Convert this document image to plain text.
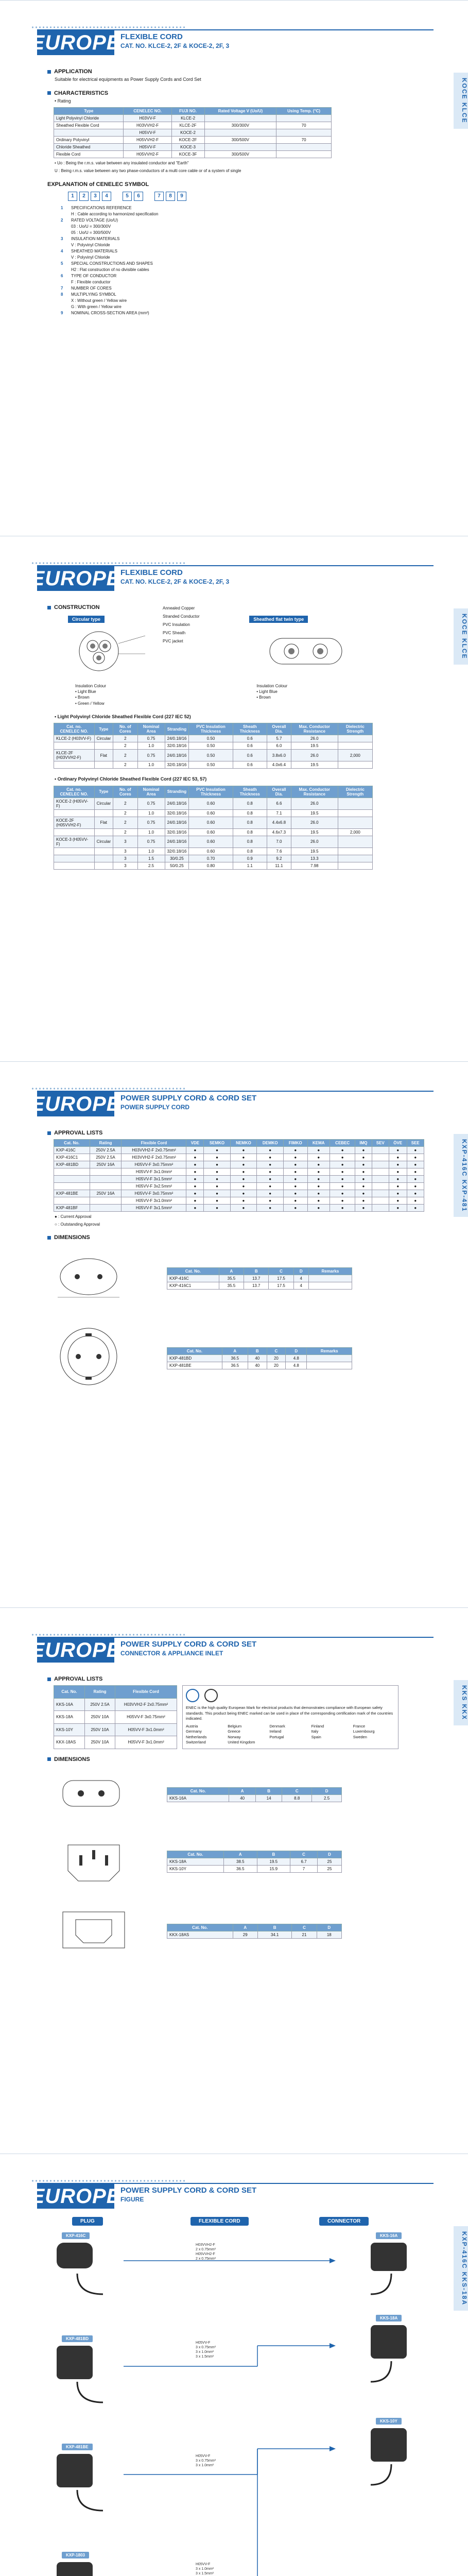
EUROPE FLEXIBLE CORD
CAT. NO. KLCE-2, 2F & KOCE-2, 2F, 3
KOCE KLCE
APPLICATION
Suitable for electrical equipments as Power Supply Cords and Cord Set
CHARACTERISTICS
• Rating
Type	CENELEC NO.	FUJI NO.	Rated Voltage V (Uo/U)	Using Temp. (°C)
Light Polyvinyl Chloride	H03VV-F	KLCE-2		
Sheathed Flexible Cord	H03VVH2-F	KLCE-2F	300/300V	70
	H05VV-F	KOCE-2		
Ordinary Polyvinyl	H05VVH2-F	KOCE-2F	300/500V	70
Chloride Sheathed	H05VV-F	KOCE-3		
Flexible Cord	H05VVH2-F	KOCE-3F	300/500V	
• Uo : Being the r.m.s. value between any insulated conductor and "Earth"
U : Being r.m.s. value between any two phase-conductors of a multi core cable or of a system of single
EXPLANATION of CENELEC SYMBOL
1	2	3	4	5	6	7	8	9
1	SPECIFICATIONS REFERENCE
H : Cable according to harmonized specification
2	RATED VOLTAGE (Uo/U)
03 : Uo/U = 300/300V
05 : Uo/U = 300/500V
3	INSULATION MATERIALS
V : Polyvinyl Chloride
4	SHEATHED MATERIALS
V : Polyvinyl Chloride
5	SPECIAL CONSTRUCTIONS AND SHAPES
H2 : Flat construction of no divisible cables
6	TYPE OF CONDUCTOR
F : Flexible conductor
7	NUMBER OF CORES
8	MULTIPLYING SYMBOL
X : Without green / Yellow wire
G : With green / Yellow wire
9	NOMINAL CROSS-SECTION AREA (mm²)
EUROPE FLEXIBLE CORD
CAT. NO. KLCE-2, 2F & KOCE-2, 2F, 3
KOCE KLCE
CONSTRUCTION
Circular type
Insulation Colour
• Light Blue
• Brown
• Green / Yellow
Sheathed flat twin type
Insulation Colour
• Light Blue
• Brown
Annealed Copper
Stranded Conductor
PVC Insulation
PVC Sheath
PVC jacket
• Light Polyvinyl Chloride Sheathed Flexible Cord (227 IEC 52)
Cat. no. CENELEC NO.	Type	No. of Cores	Nominal Area	Stranding	PVC Insulation Thickness	Sheath Thickness	Overall Dia.	Max. Conductor Resistance	Dielectric Strength
KLCE-2 (H03VV-F)	Circular	2	0.75	24/0.18/16	0.50	0.6	5.7	26.0	
		2	1.0	32/0.18/16	0.50	0.6	6.0	19.5	
KLCE-2F (H03VVH2-F)	Flat	2	0.75	24/0.18/16	0.50	0.6	3.8x6.0	26.0	2,000
		2	1.0	32/0.18/16	0.50	0.6	4.0x6.4	19.5	
• Ordinary Polyvinyl Chloride Sheathed Flexible Cord (227 IEC 53, 57)
Cat. no. CENELEC NO.	Type	No. of Cores	Nominal Area	Stranding	PVC Insulation Thickness	Sheath Thickness	Overall Dia.	Max. Conductor Resistance	Dielectric Strength
KOCE-2 (H05VV-F)	Circular	2	0.75	24/0.18/16	0.60	0.8	6.6	26.0	
		2	1.0	32/0.18/16	0.60	0.8	7.1	19.5	
KOCE-2F (H05VVH2-F)	Flat	2	0.75	24/0.18/16	0.60	0.8	4.4x6.8	26.0	
		2	1.0	32/0.18/16	0.60	0.8	4.6x7.3	19.5	2,000
KOCE-3 (H05VV-F)	Circular	3	0.75	24/0.18/16	0.60	0.8	7.0	26.0	
		3	1.0	32/0.18/16	0.60	0.8	7.6	19.5	
		3	1.5	30/0.25	0.70	0.9	9.2	13.3	
		3	2.5	50/0.25	0.80	1.1	11.1	7.98	
EUROPE POWER SUPPLY CORD & CORD SET
POWER SUPPLY CORD
KXP-416C KXP-481
APPROVAL LISTS
Cat. No.	Rating	Flexible Cord	VDE	SEMKO	NEMKO	DEMKO	FIMKO	KEMA	CEBEC	IMQ	SEV	ÖVE	SEE
KXP-416C	250V 2.5A	H03VVH2-F 2x0.75mm²	●	●	●	●	●	●	●	●		●	●
KXP-416C1	250V 2.5A	H03VVH2-F 2x0.75mm²	●	●	●	●	●	●	●	●		●	●
KXP-481BD	250V 16A	H05VV-F 3x0.75mm²	●	●	●	●	●	●	●	●		●	●
		H05VV-F 3x1.0mm²	●	●	●	●	●	●	●	●		●	●
		H05VV-F 3x1.5mm²	●	●	●	●	●	●	●	●		●	●
		H05VV-F 3x2.5mm²	●	●	●	●	●	●	●	●		●	●
KXP-481BE	250V 16A	H05VV-F 3x0.75mm²	●	●	●	●	●	●	●	●		●	●
		H05VV-F 3x1.0mm²	●	●	●	●	●	●	●	●		●	●
KXP-481BF		H05VV-F 3x1.5mm²	●	●	●	●	●	●	●	●		●	●
● : Current Approval
○ : Outstanding Approval
DIMENSIONS
Cat. No.	A	B	C	D	Remarks
KXP-416C	35.5	13.7	17.5	4	
KXP-416C1	35.5	13.7	17.5	4	
Cat. No.	A	B	C	D	Remarks
KXP-481BD	36.5	40	20	4.8	
KXP-481BE	36.5	40	20	4.8	
EUROPE POWER SUPPLY CORD & CORD SET
CONNECTOR & APPLIANCE INLET
KKS KKX
APPROVAL LISTS
Cat. No.	Rating	Flexible Cord
KKS-16A	250V 2.5A	H03VVH2-F 2x0.75mm²
KKS-18A	250V 10A	H05VV-F 3x0.75mm²
KKS-10Y	250V 10A	H05VV-F 3x1.0mm²
KKX-18AS	250V 10A	H05VV-F 3x1.0mm²
ENEC is the high quality European Mark for electrical products that demonstrates compliance with European safety standards. This product being ENEC marked can be used in place of the corresponding certification mark of the countries indicated.
Austria	Belgium	Denmark	Finland	France
Germany	Greece	Ireland	Italy	Luxembourg
Netherlands	Norway	Portugal	Spain	Sweden
Switzerland	United Kingdom
DIMENSIONS
Cat. No.	A	B	C	D
KKS-16A	40	14	8.8	2.5
Cat. No.	A	B	C	D
KKS-18A	38.5	19.5	6.7	25
KKS-10Y	36.5	15.9	7	25
Cat. No.	A	B	C	D
KKX-18AS	29	34.1	21	18
EUROPE POWER SUPPLY CORD & CORD SET
FIGURE
KXP-416C KKS-18A
PLUG	FLEXIBLE CORD	CONNECTOR
KXP-416C
KXP-481BD
KXP-481BE
KXP-1803
KKS-16A
KKS-18A
KKS-10Y
H03VVH2-F
2 x 0.75mm²
H05VVH2-F
2 x 0.75mm²
H05VV-F
3 x 0.75mm²
3 x 1.0mm²
3 x 1.5mm²
H05VV-F
3 x 0.75mm²
3 x 1.0mm²
H05VV-F
3 x 1.0mm²
3 x 1.5mm²
